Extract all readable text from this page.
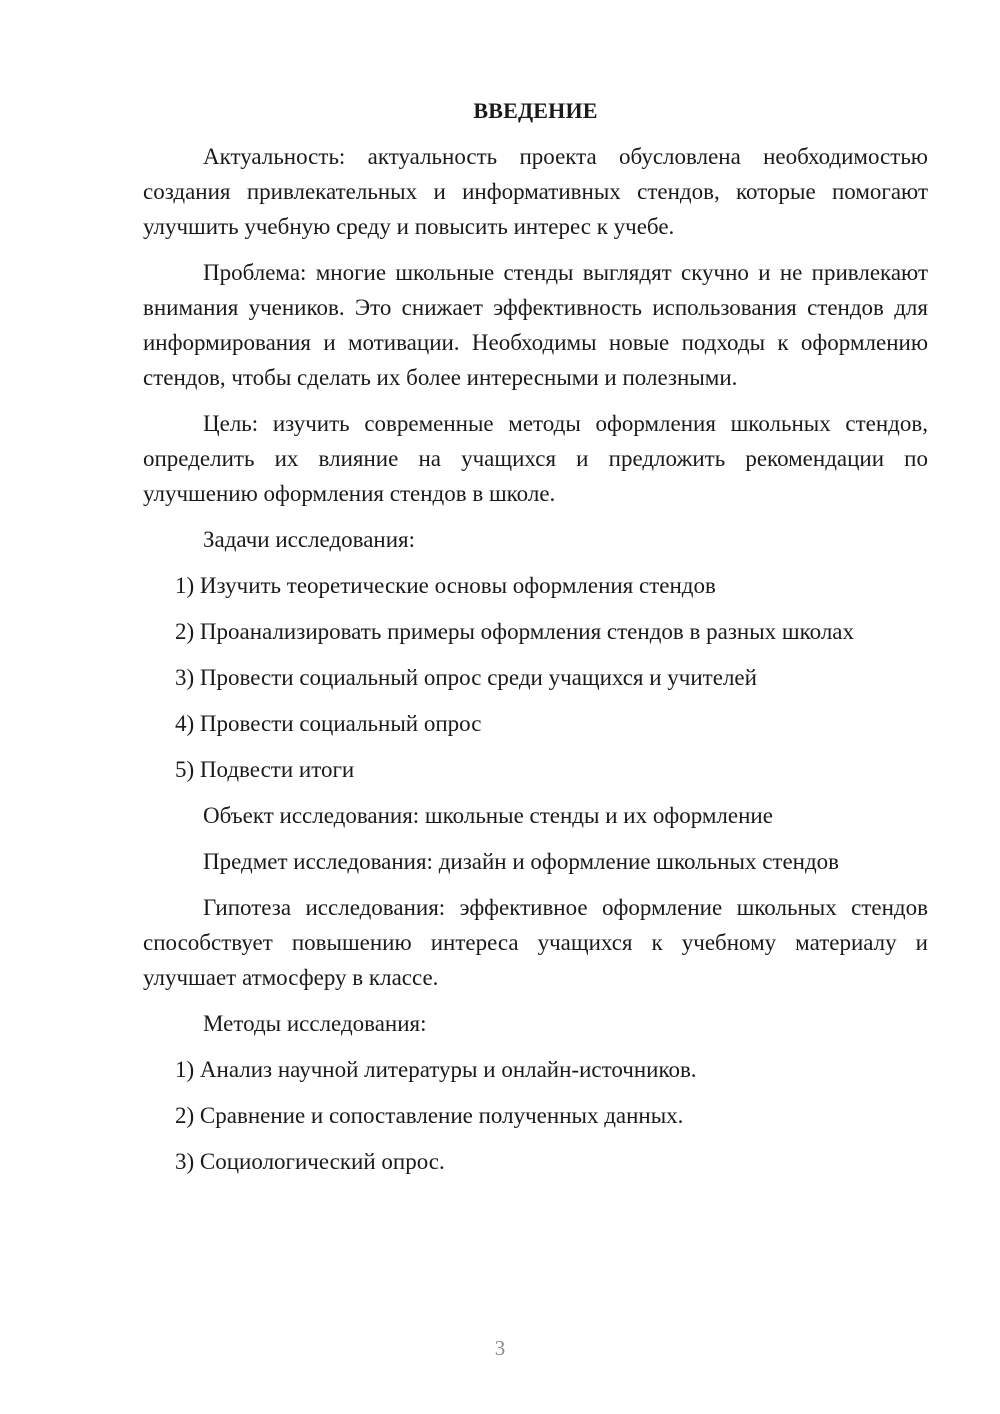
ВВЕДЕНИЕ

Актуальность: актуальность проекта обусловлена необходимостью создания привлекательных и информативных стендов, которые помогают улучшить учебную среду и повысить интерес к учебе.

Проблема: многие школьные стенды выглядят скучно и не привлекают внимания учеников. Это снижает эффективность использования стендов для информирования и мотивации. Необходимы новые подходы к оформлению стендов, чтобы сделать их более интересными и полезными.

Цель: изучить современные методы оформления школьных стендов, определить их влияние на учащихся и предложить рекомендации по улучшению оформления стендов в школе.

Задачи исследования:

1) Изучить теоретические основы оформления стендов
2) Проанализировать примеры оформления стендов в разных школах
3) Провести социальный опрос среди учащихся и учителей
4) Провести социальный опрос
5) Подвести итоги

Объект исследования: школьные стенды и их оформление

Предмет исследования: дизайн и оформление школьных стендов

Гипотеза исследования: эффективное оформление школьных стендов способствует повышению интереса учащихся к учебному материалу и улучшает атмосферу в классе.

Методы исследования:

1) Анализ научной литературы и онлайн-источников.
2) Сравнение и сопоставление полученных данных.
3) Социологический опрос.
3
